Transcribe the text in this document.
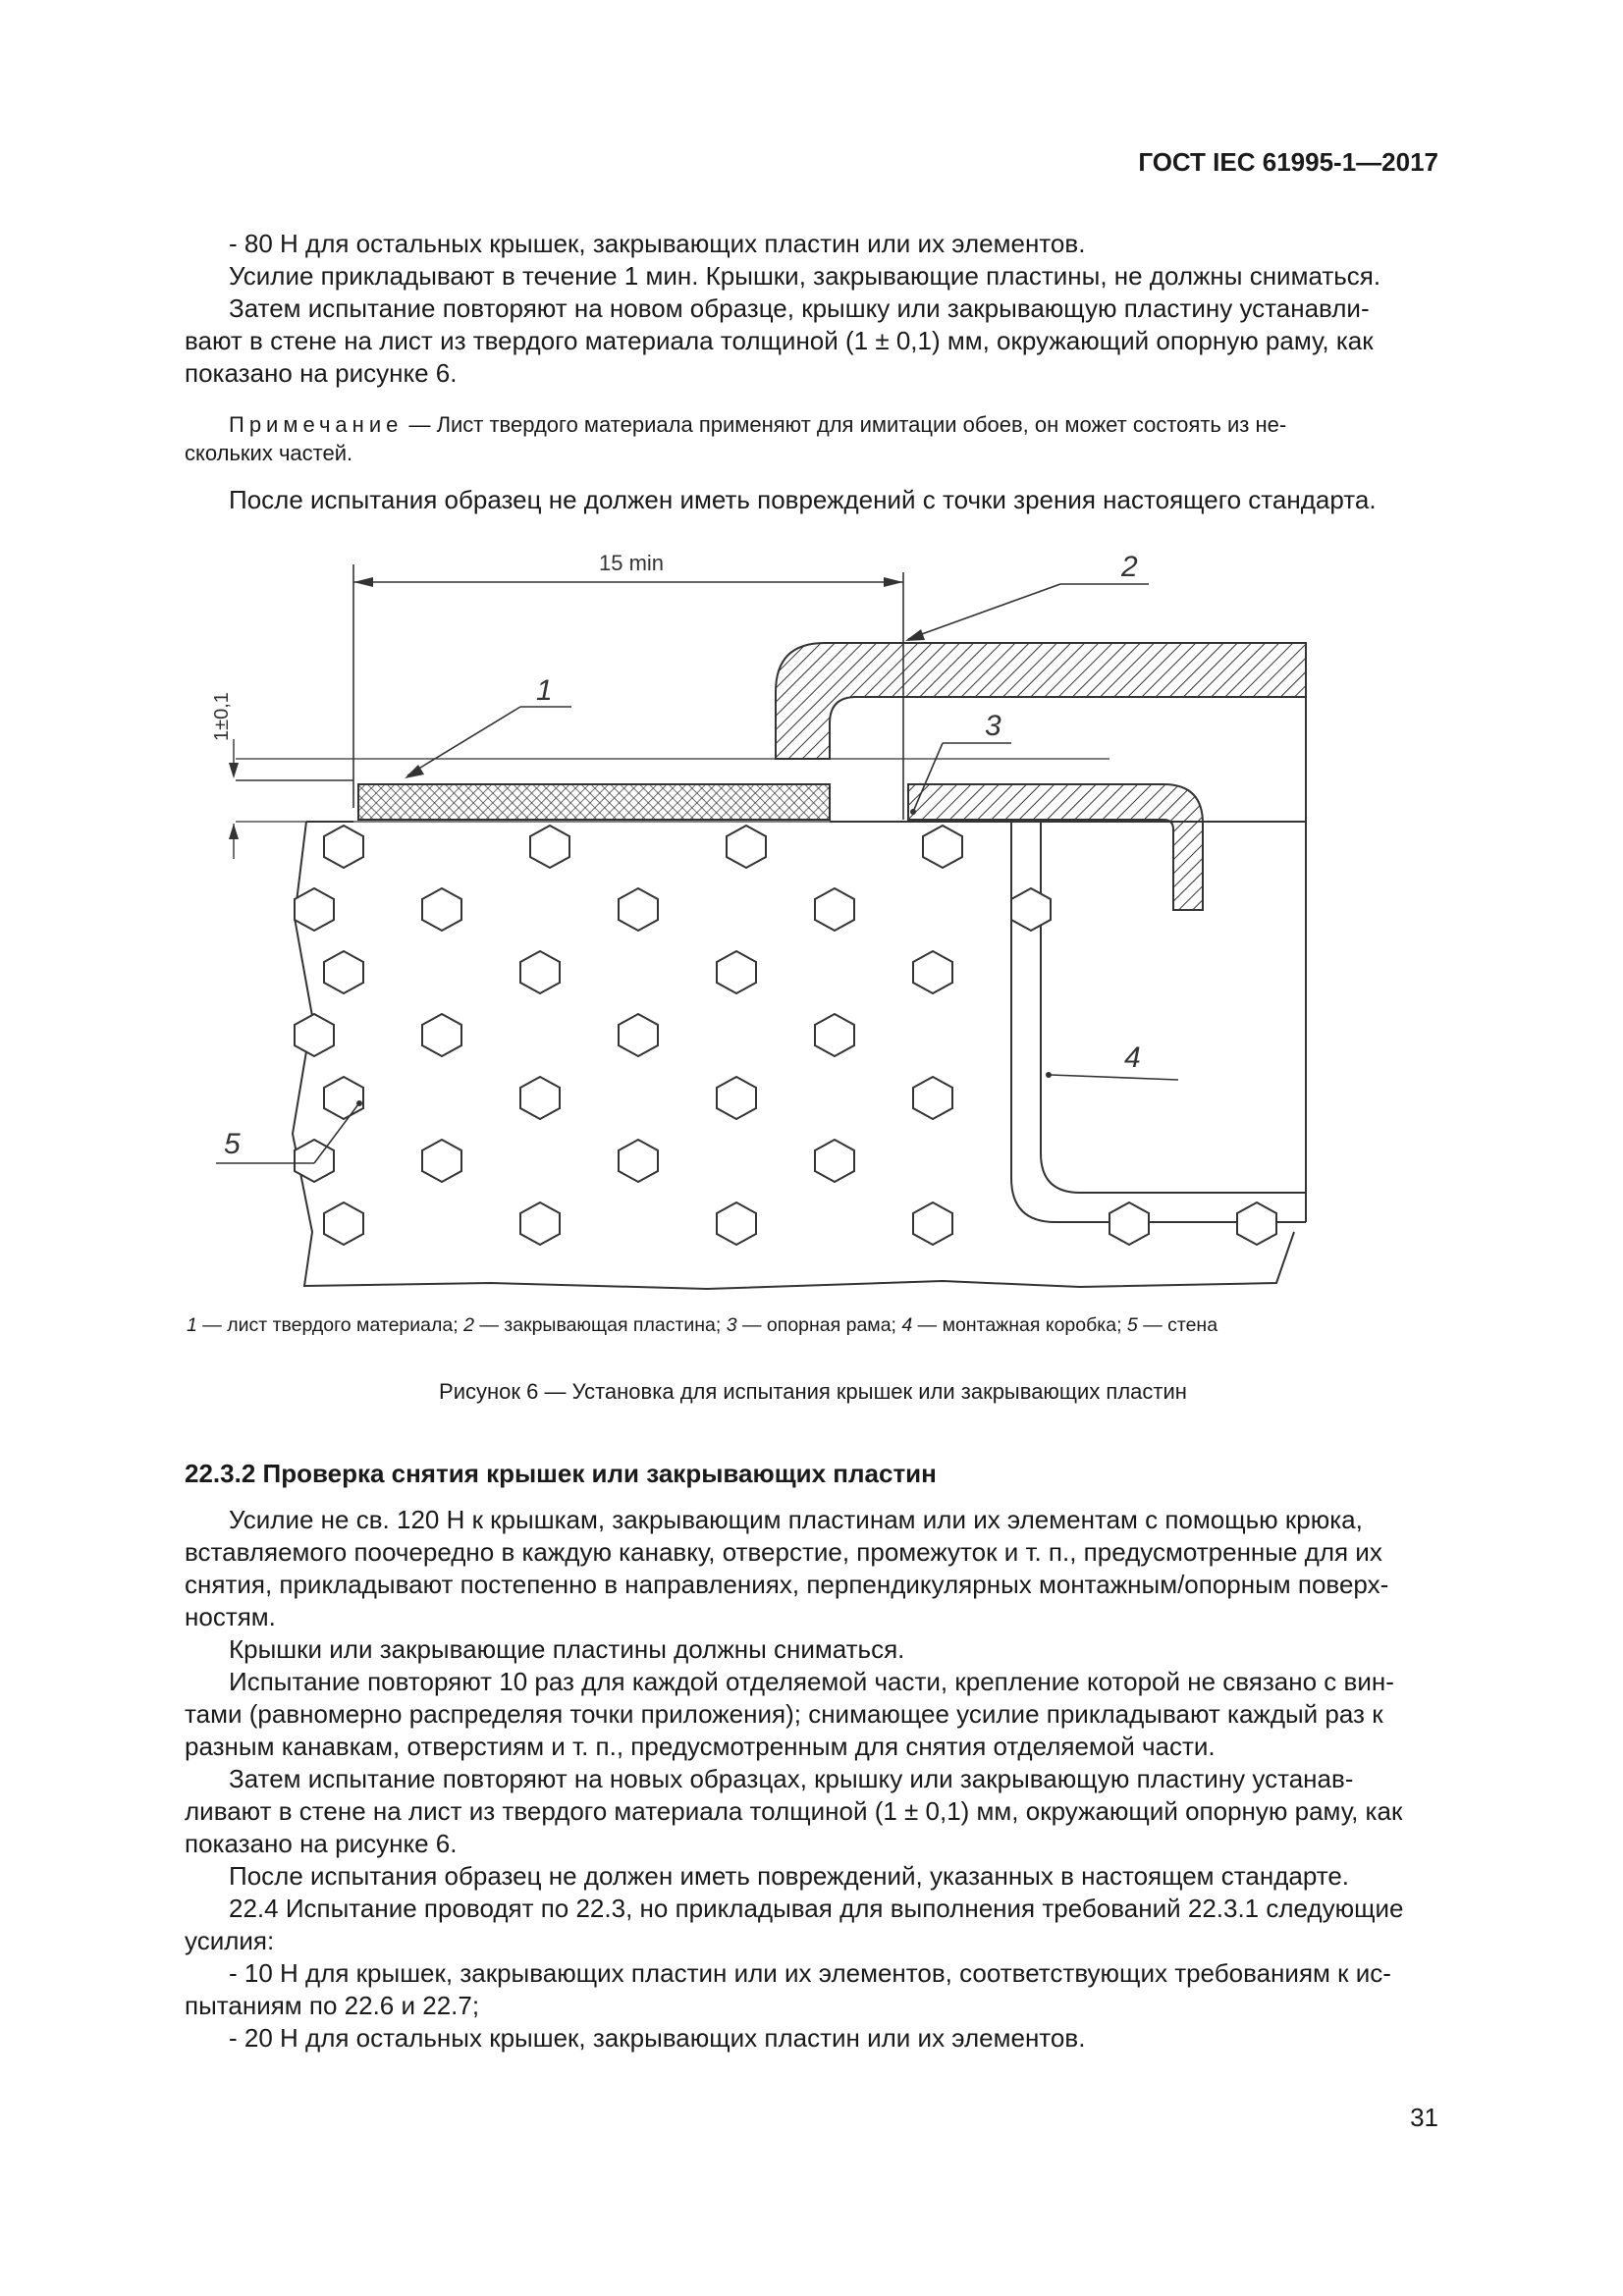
ГОСТ IEC 61995-1—2017
- 80 Н для остальных крышек, закрывающих пластин или их элементов.
Усилие прикладывают в течение 1 мин. Крышки, закрывающие пластины, не должны сниматься.
Затем испытание повторяют на новом образце, крышку или закрывающую пластину устанавли-
вают в стене на лист из твердого материала толщиной (1 ± 0,1) мм, окружающий опорную раму, как
показано на рисунке 6.
Примечание — Лист твердого материала применяют для имитации обоев, он может состоять из не-
скольких частей.
После испытания образец не должен иметь повреждений с точки зрения настоящего стандарта.
15 min
1±0,1
1
2
3
4
5
1 — лист твердого материала; 2 — закрывающая пластина; 3 — опорная рама; 4 — монтажная коробка; 5 — стена
Рисунок 6 — Установка для испытания крышек или закрывающих пластин
22.3.2 Проверка снятия крышек или закрывающих пластин
Усилие не св. 120 Н к крышкам, закрывающим пластинам или их элементам с помощью крюка,
вставляемого поочередно в каждую канавку, отверстие, промежуток и т. п., предусмотренные для их
снятия, прикладывают постепенно в направлениях, перпендикулярных монтажным/опорным поверх-
ностям.
Крышки или закрывающие пластины должны сниматься.
Испытание повторяют 10 раз для каждой отделяемой части, крепление которой не связано с вин-
тами (равномерно распределяя точки приложения); снимающее усилие прикладывают каждый раз к
разным канавкам, отверстиям и т. п., предусмотренным для снятия отделяемой части.
Затем испытание повторяют на новых образцах, крышку или закрывающую пластину устанав-
ливают в стене на лист из твердого материала толщиной (1 ± 0,1) мм, окружающий опорную раму, как
показано на рисунке 6.
После испытания образец не должен иметь повреждений, указанных в настоящем стандарте.
22.4 Испытание проводят по 22.3, но прикладывая для выполнения требований 22.3.1 следующие
усилия:
- 10 Н для крышек, закрывающих пластин или их элементов, соответствующих требованиям к ис-
пытаниям по 22.6 и 22.7;
- 20 Н для остальных крышек, закрывающих пластин или их элементов.
31
